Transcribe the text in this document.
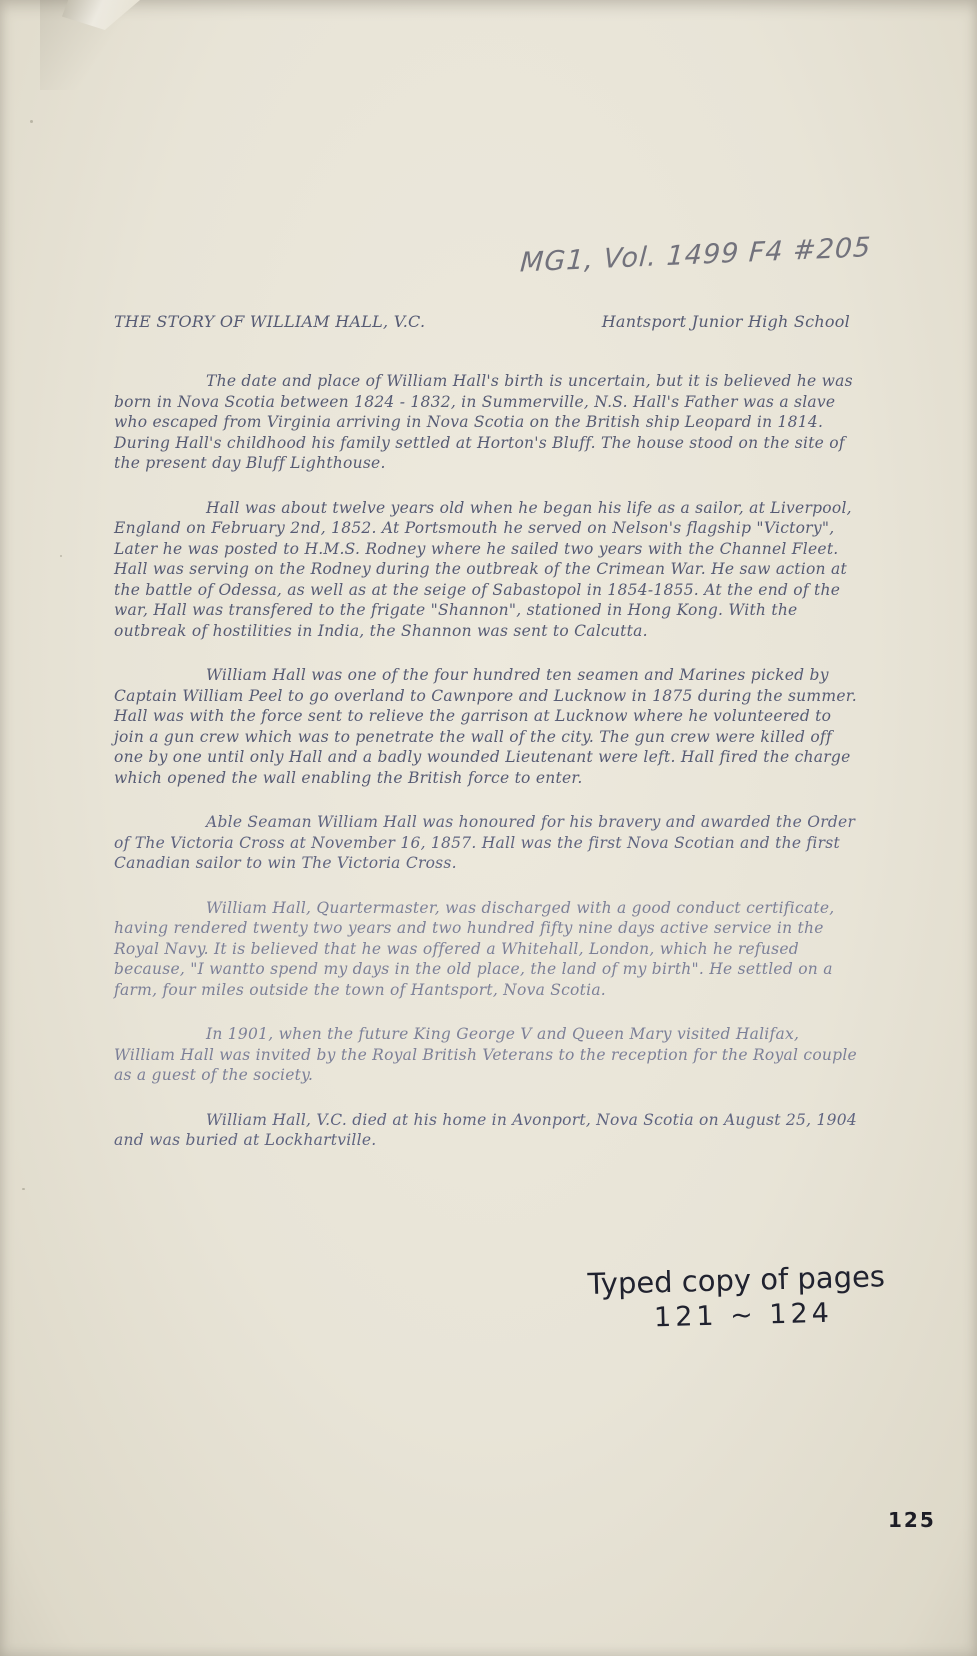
MG1, Vol. 1499 F4 #205
THE STORY OF WILLIAM HALL, V.C.	Hantsport Junior High School

The date and place of William Hall's birth is uncertain, but it is believed he was born in Nova Scotia between 1824 - 1832, in Summerville, N.S. Hall's Father was a slave who escaped from Virginia arriving in Nova Scotia on the British ship Leopard in 1814. During Hall's childhood his family settled at Horton's Bluff. The house stood on the site of the present day Bluff Lighthouse.

Hall was about twelve years old when he began his life as a sailor, at Liverpool, England on February 2nd, 1852. At Portsmouth he served on Nelson's flagship "Victory", Later he was posted to H.M.S. Rodney where he sailed two years with the Channel Fleet. Hall was serving on the Rodney during the outbreak of the Crimean War. He saw action at the battle of Odessa, as well as at the seige of Sabastopol in 1854-1855. At the end of the war, Hall was transfered to the frigate "Shannon", stationed in Hong Kong. With the outbreak of hostilities in India, the Shannon was sent to Calcutta.

William Hall was one of the four hundred ten seamen and Marines picked by Captain William Peel to go overland to Cawnpore and Lucknow in 1875 during the summer. Hall was with the force sent to relieve the garrison at Lucknow where he volunteered to join a gun crew which was to penetrate the wall of the city. The gun crew were killed off one by one until only Hall and a badly wounded Lieutenant were left. Hall fired the charge which opened the wall enabling the British force to enter.

Able Seaman William Hall was honoured for his bravery and awarded the Order of The Victoria Cross at November 16, 1857. Hall was the first Nova Scotian and the first Canadian sailor to win The Victoria Cross.

William Hall, Quartermaster, was discharged with a good conduct certificate, having rendered twenty two years and two hundred fifty nine days active service in the Royal Navy. It is believed that he was offered a Whitehall, London, which he refused because, "I wantto spend my days in the old place, the land of my birth". He settled on a farm, four miles outside the town of Hantsport, Nova Scotia.

In 1901, when the future King George V and Queen Mary visited Halifax, William Hall was invited by the Royal British Veterans to the reception for the Royal couple as a guest of the society.

William Hall, V.C. died at his home in Avonport, Nova Scotia on August 25, 1904 and was buried at Lockhartville.

Typed copy of pages
121 ~ 124
125
